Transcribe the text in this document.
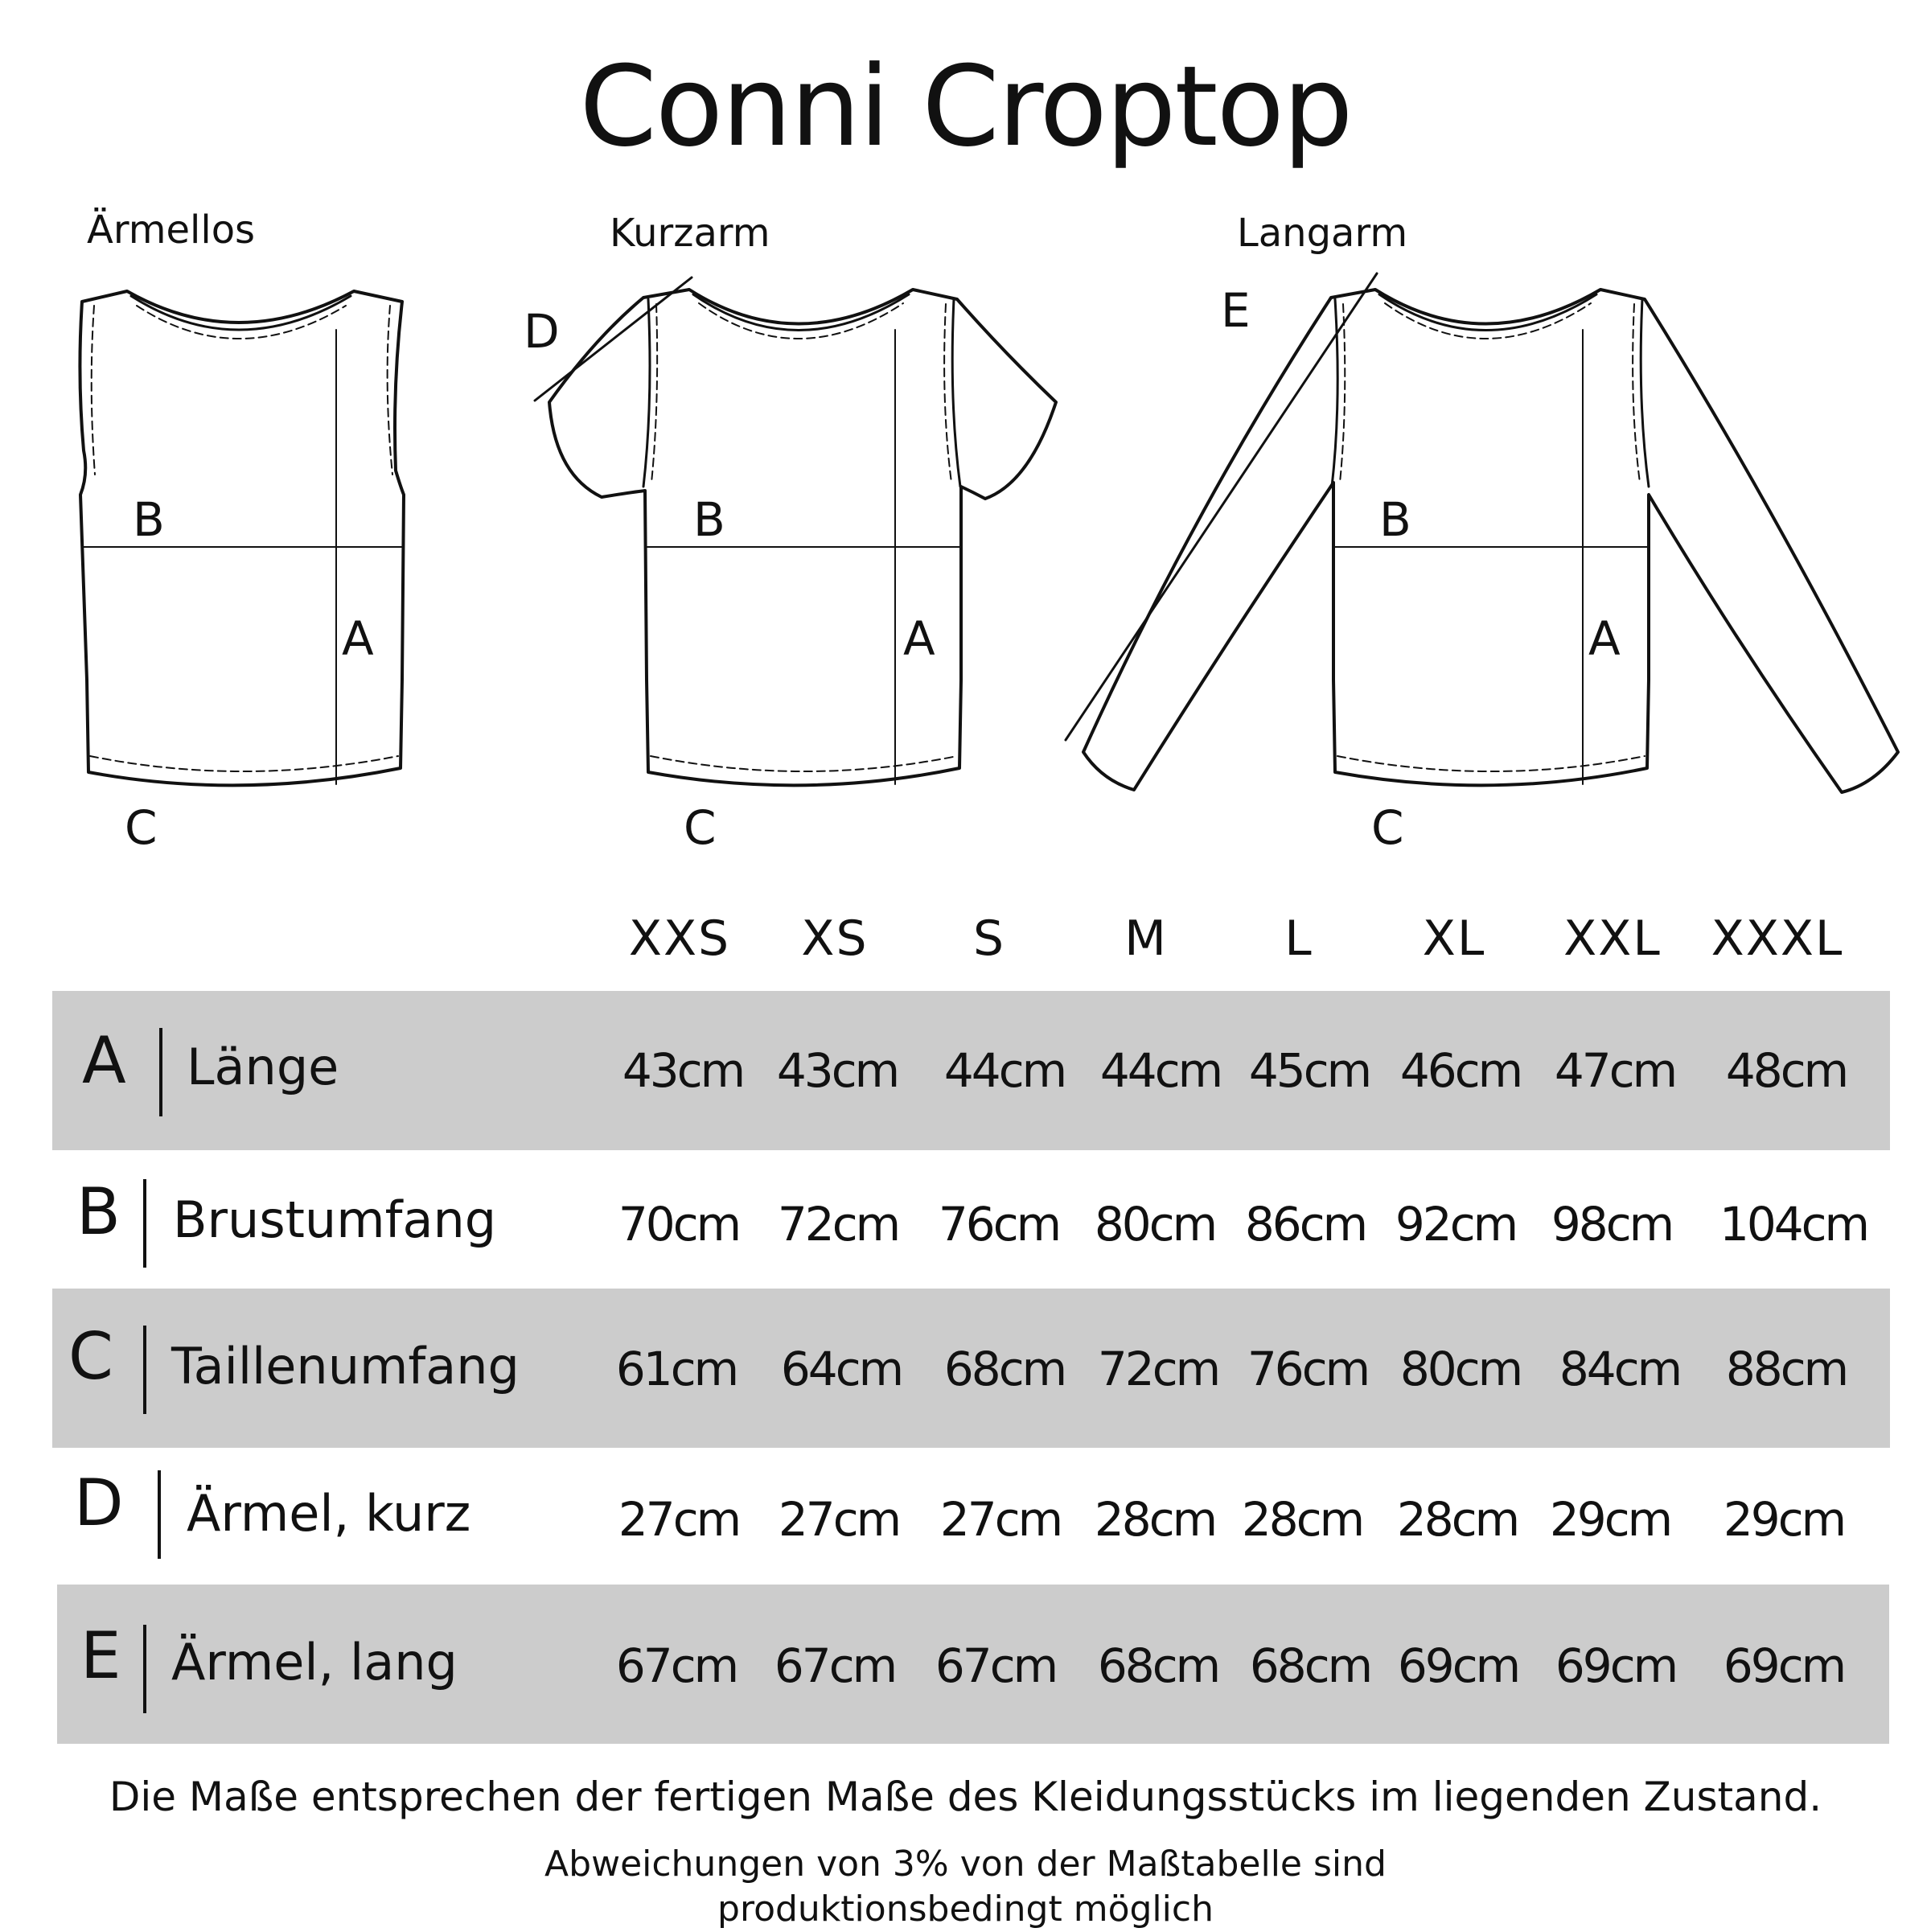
Conni Croptop
Ärmellos	Kurzarm	Langarm
B
A
C
D
B
A
C
E
B
A
C
XXS	XS	S	M	L	XL	XXL	XXXL
A Länge	43cm 43cm 44cm 44cm 45cm 46cm 47cm	48cm
B Brustumfang	70cm 72cm 76cm 80cm 86cm 92cm 98cm	104cm
C Taillenumfang	61cm 64cm 68cm 72cm 76cm 80cm 84cm 88cm
D Ärmel, kurz	27cm 27cm 27cm 28cm 28cm 28cm 29cm	29cm
E Ärmel, lang	67cm 67cm 67cm 68cm 68cm 69cm 69cm	69cm
Die Maße entsprechen der fertigen Maße des Kleidungsstücks im liegenden Zustand.
Abweichungen von 3% von der Maßtabelle sind
produktionsbedingt möglich
